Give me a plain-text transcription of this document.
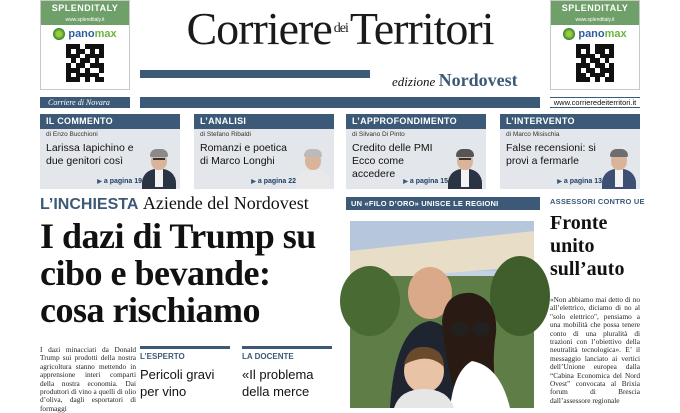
SPLENDITALY
www.splenditaly.it
panomax
SPLENDITALY
www.splenditaly.it
panomax
Corriere $^{dei}$Territori
edizione Nordovest
Corriere di Novara	www.corrieredeiterritori.it
IL COMMENTO
di Enzo Bucchioni
Larissa Iapichino e due genitori così
▶ a pagina 19
L’ANALISI
di Stefano Ribaldi
Romanzi e poetica di Marco Longhi
▶ a pagina 22
L’APPROFONDIMENTO
di Silvano Di Pinto
Credito delle PMI Ecco come accedere
▶ a pagina 15
L’INTERVENTO
di Marco Misischia
False recensioni: si provi a fermarle
▶ a pagina 13
L’INCHIESTA Aziende del Nordovest
I dazi di Trump su cibo e bevande: cosa rischiamo
I dazi minacciati da Donald Trump sui prodotti della nostra agricoltura stanno mettendo in apprensione interi comparti della nostra economia. Dai produttori di vino a quelli di olio d’oliva, dagli esportatori di formaggi
L’ESPERTO
Pericoli gravi per vino
LA DOCENTE
«Il problema della merce
UN «FILO D’ORO» UNISCE LE REGIONI	ASSESSORI CONTRO UE
Fronte unito sull’auto
«Non abbiamo mai detto di no all’elettrico, diciamo di no al "solo elettrico", pensiamo a una mobilità che possa tenere conto di una pluralità di trazioni con l’obiettivo della neutralità tecnologica». E’ il messaggio lanciato ai vertici dell’Unione europea dalla “Cabina Economica del Nord Ovest” convocata al Brixia forum di Brescia dall’assessore regionale
